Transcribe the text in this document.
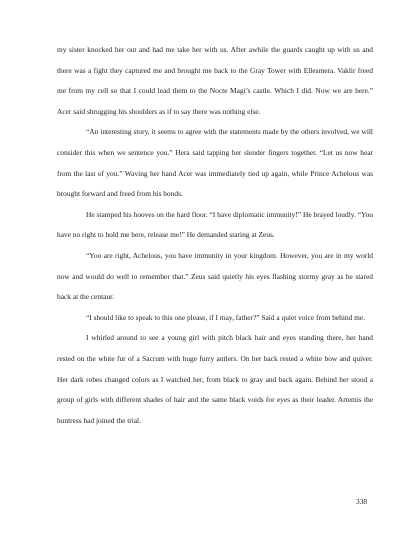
my sister knocked her out and had me take her with us. After awhile the guards caught up with us and there was a fight they captured me and brought me back to the Gray Tower with Ellesmera. Vaklir freed me from my cell so that I could lead them to the Nocte Magi’s castle. Which I did. Now we are here.” Acer said shrugging his shoulders as if to say there was nothing else.

“An interesting story, it seems to agree with the statements made by the others involved, we will consider this when we sentence you.” Hera said tapping her slender fingers together. “Let us now hear from the last of you.” Waving her hand Acer was immediately tied up again, while Prince Achelous was brought forward and freed from his bonds.

He stamped his hooves on the hard floor. “I have diplomatic immunity!” He brayed loudly. “You have no right to hold me here, release me!” He demanded staring at Zeus.

“You are right, Achelous, you have immunity in your kingdom. However, you are in my world now and would do well to remember that.” Zeus said quietly his eyes flashing stormy gray as he stared back at the centaur.

“I should like to speak to this one please, if I may, father?” Said a quiet voice from behind me.

I whirled around to see a young girl with pitch black hair and eyes standing there, her hand rested on the white fur of a Sacrum with huge furry antlers. On her back rested a white bow and quiver. Her dark robes changed colors as I watched her, from black to gray and back again. Behind her stood a group of girls with different shades of hair and the same black voids for eyes as their leader. Artemis the huntress had joined the trial.

338
